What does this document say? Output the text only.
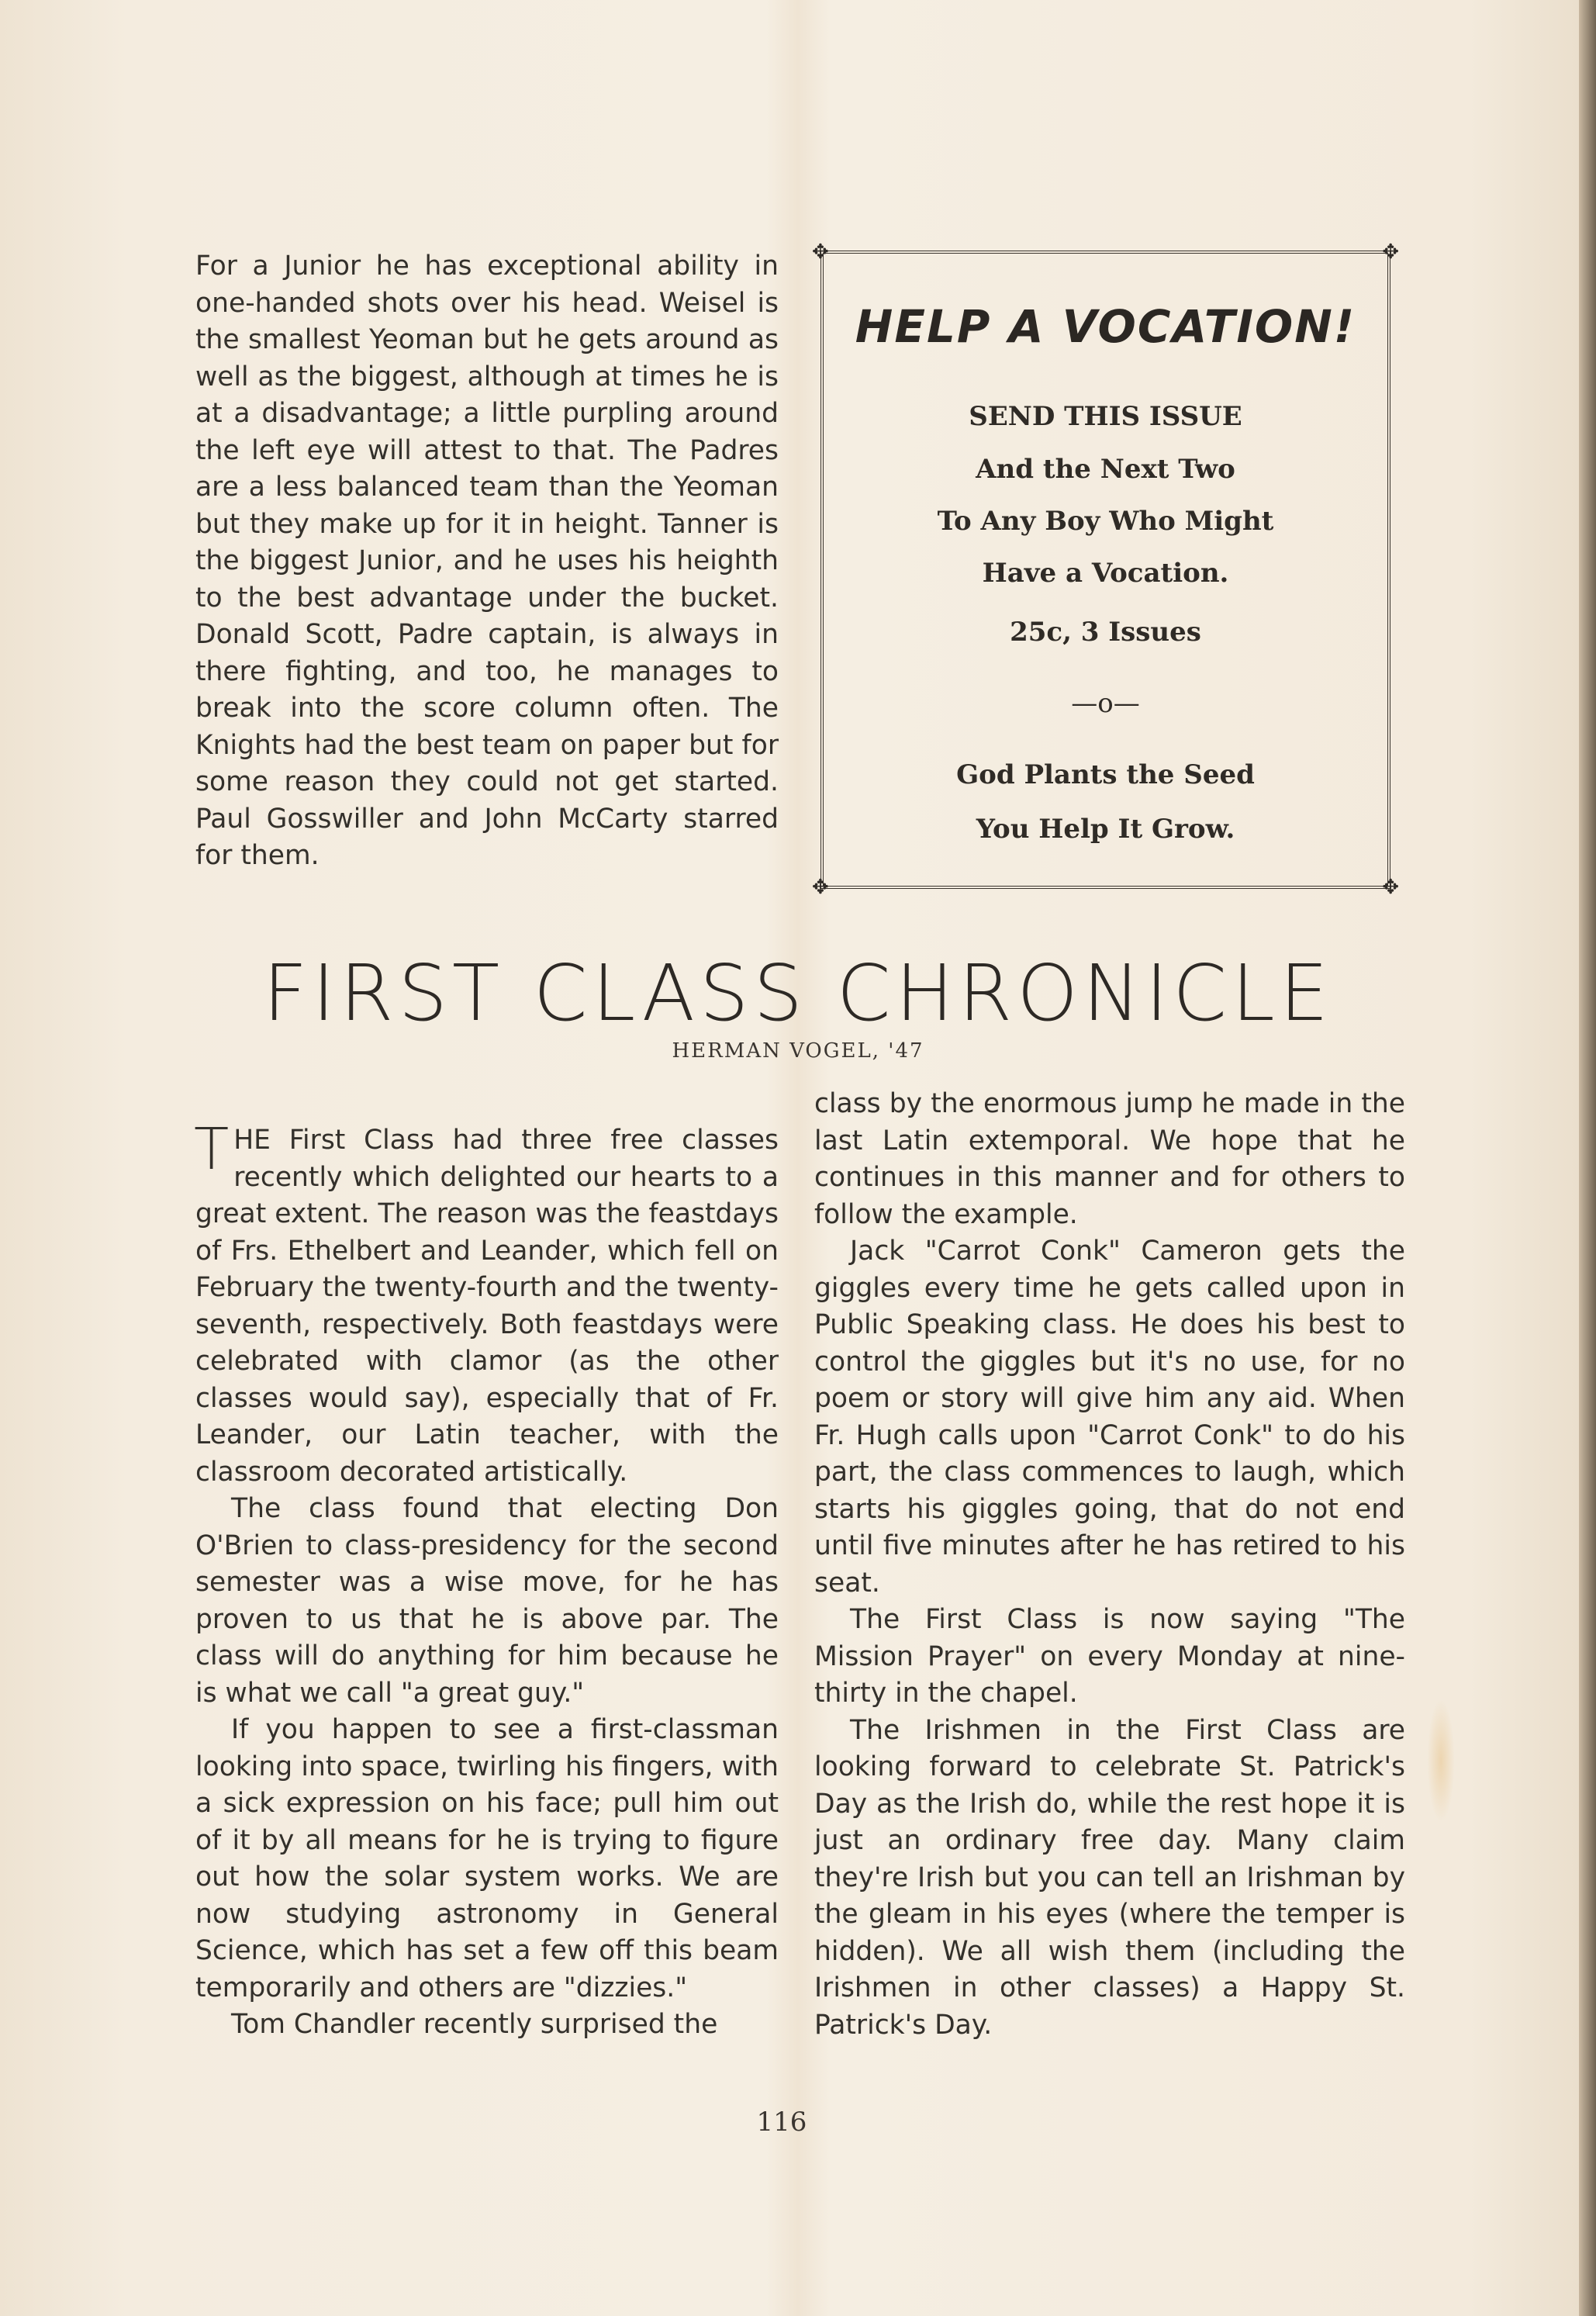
For a Junior he has exceptional ability in one-handed shots over his head. Weisel is the smallest Yeoman but he gets around as well as the biggest, although at times he is at a disadvantage; a little purpling around the left eye will attest to that. The Padres are a less balanced team than the Yeoman but they make up for it in height. Tanner is the biggest Junior, and he uses his heighth to the best advantage under the bucket. Donald Scott, Padre captain, is always in there fighting, and too, he manages to break into the score column often. The Knights had the best team on paper but for some reason they could not get started. Paul Gosswiller and John McCarty starred for them.

✥	✥
✥	✥
HELP A VOCATION!
SEND THIS ISSUE
And the Next Two
To Any Boy Who Might
Have a Vocation.
25c, 3 Issues
—o—
God Plants the Seed
You Help It Grow.
FIRST CLASS CHRONICLE
HERMAN VOGEL, '47

THE First Class had three free classes recently which delighted our hearts to a great extent. The reason was the feastdays of Frs. Ethelbert and Leander, which fell on February the twenty-fourth and the twenty-seventh, respectively. Both feastdays were celebrated with clamor (as the other classes would say), especially that of Fr. Leander, our Latin teacher, with the classroom decorated artistically.

The class found that electing Don O'Brien to class-presidency for the second semester was a wise move, for he has proven to us that he is above par. The class will do anything for him because he is what we call "a great guy."

If you happen to see a first-classman looking into space, twirling his fingers, with a sick expression on his face; pull him out of it by all means for he is trying to figure out how the solar system works. We are now studying astronomy in General Science, which has set a few off this beam temporarily and others are "dizzies."

Tom Chandler recently surprised the

class by the enormous jump he made in the last Latin extemporal. We hope that he continues in this manner and for others to follow the example.

Jack "Carrot Conk" Cameron gets the giggles every time he gets called upon in Public Speaking class. He does his best to control the giggles but it's no use, for no poem or story will give him any aid. When Fr. Hugh calls upon "Carrot Conk" to do his part, the class commences to laugh, which starts his giggles going, that do not end until five minutes after he has retired to his seat.

The First Class is now saying "The Mission Prayer" on every Monday at nine-thirty in the chapel.

The Irishmen in the First Class are looking forward to celebrate St. Patrick's Day as the Irish do, while the rest hope it is just an ordinary free day. Many claim they're Irish but you can tell an Irishman by the gleam in his eyes (where the temper is hidden). We all wish them (including the Irishmen in other classes) a Happy St. Patrick's Day.

116
